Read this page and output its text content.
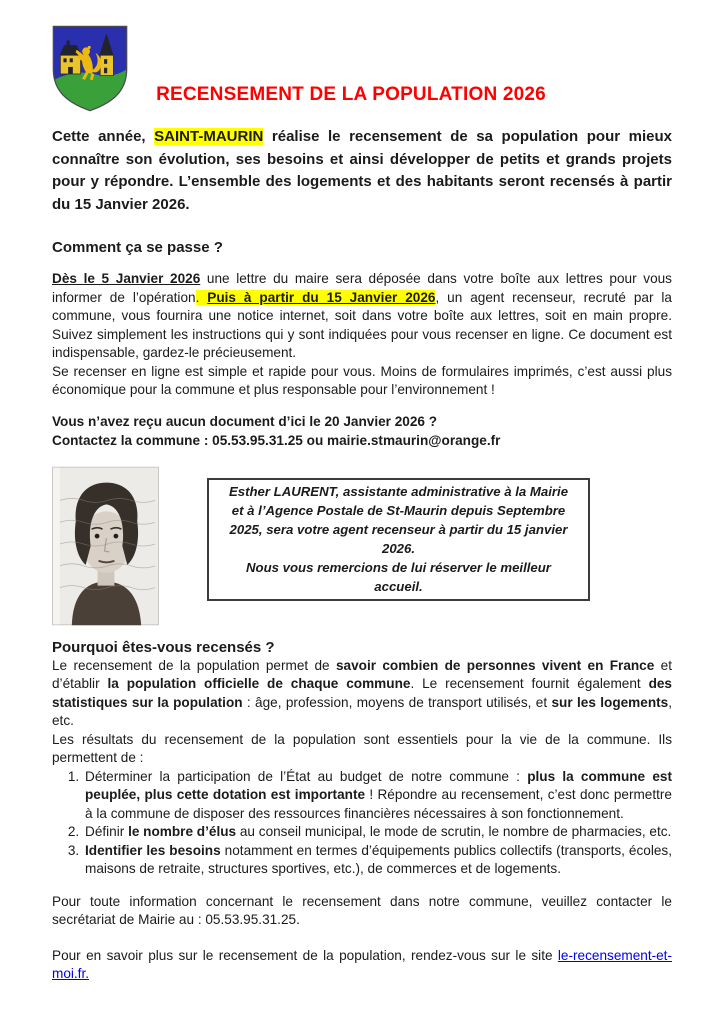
RECENSEMENT DE LA POPULATION 2026

Cette année, SAINT-MAURIN réalise le recensement de sa population pour mieux connaître son évolution, ses besoins et ainsi développer de petits et grands projets pour y répondre. L’ensemble des logements et des habitants seront recensés à partir du 15 Janvier 2026.

Comment ça se passe ?

Dès le 5 Janvier 2026 une lettre du maire sera déposée dans votre boîte aux lettres pour vous informer de l’opération. Puis à partir du 15 Janvier 2026, un agent recenseur, recruté par la commune, vous fournira une notice internet, soit dans votre boîte aux lettres, soit en main propre. Suivez simplement les instructions qui y sont indiquées pour vous recenser en ligne. Ce document est indispensable, gardez-le précieusement.

Se recenser en ligne est simple et rapide pour vous. Moins de formulaires imprimés, c’est aussi plus économique pour la commune et plus responsable pour l’environnement !

Vous n’avez reçu aucun document d’ici le 20 Janvier 2026 ?

Contactez la commune : 05.53.95.31.25 ou mairie.stmaurin@orange.fr

Esther LAURENT, assistante administrative à la Mairie et à l’Agence Postale de St-Maurin depuis Septembre 2025, sera votre agent recenseur à partir du 15 janvier 2026.

Nous vous remercions de lui réserver le meilleur accueil.

Pourquoi êtes-vous recensés ?

Le recensement de la population permet de savoir combien de personnes vivent en France et d’établir la population officielle de chaque commune. Le recensement fournit également des statistiques sur la population : âge, profession, moyens de transport utilisés, et sur les logements, etc.

Les résultats du recensement de la population sont essentiels pour la vie de la commune. Ils permettent de :

1. Déterminer la participation de l’État au budget de notre commune : plus la commune est peuplée, plus cette dotation est importante ! Répondre au recensement, c’est donc permettre à la commune de disposer des ressources financières nécessaires à son fonctionnement.
2. Définir le nombre d’élus au conseil municipal, le mode de scrutin, le nombre de pharmacies, etc.
3. Identifier les besoins notamment en termes d’équipements publics collectifs (transports, écoles, maisons de retraite, structures sportives, etc.), de commerces et de logements.

Pour toute information concernant le recensement dans notre commune, veuillez contacter le secrétariat de Mairie au : 05.53.95.31.25.

Pour en savoir plus sur le recensement de la population, rendez-vous sur le site le-recensement-et-moi.fr.
